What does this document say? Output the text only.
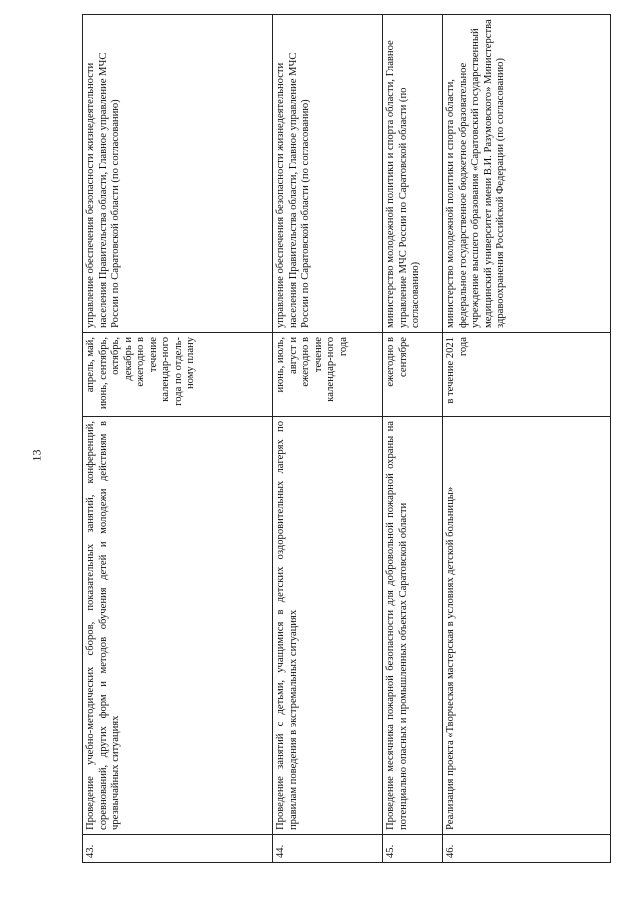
13
43.	Проведение учебно-методических сборов, показательных занятий, конференций, соревнований, других форм и методов обучения детей и молодежи действиям в чрезвычайных ситуациях	апрель, май, июнь, сентябрь, октябрь, декабрь и ежегодно в течение календар-ного года по отдель-ному плану	управление обеспечения безопасности жизнедеятельности населения Правительства области, Главное управление МЧС России по Саратовской области (по согласованию)
44.	Проведение занятий с детьми, учащимися в детских оздоровительных лагерях по правилам поведения в экстремальных ситуациях	июнь, июль, август и ежегодно в течение календар-ного года	управление обеспечения безопасности жизнедеятельности населения Правительства области, Главное управление МЧС России по Саратовской области (по согласованию)
45.	Проведение месячника пожарной безопасности для добровольной пожарной охраны на потенциально опасных и промышленных объектах Саратовской области	ежегодно в сентябре	министерство молодежной политики и спорта области, Главное управление МЧС России по Саратовской области (по согласованию)
46.	Реализация проекта «Творческая мастерская в условиях детской больницы»	в течение 2021 года	министерство молодежной политики и спорта области, федеральное государственное бюджетное образовательное учреждение высшего образования «Саратовский государственный медицинский университет имени В.И. Разумовского» Министерства здравоохранения Российской Федерации (по согласованию)
